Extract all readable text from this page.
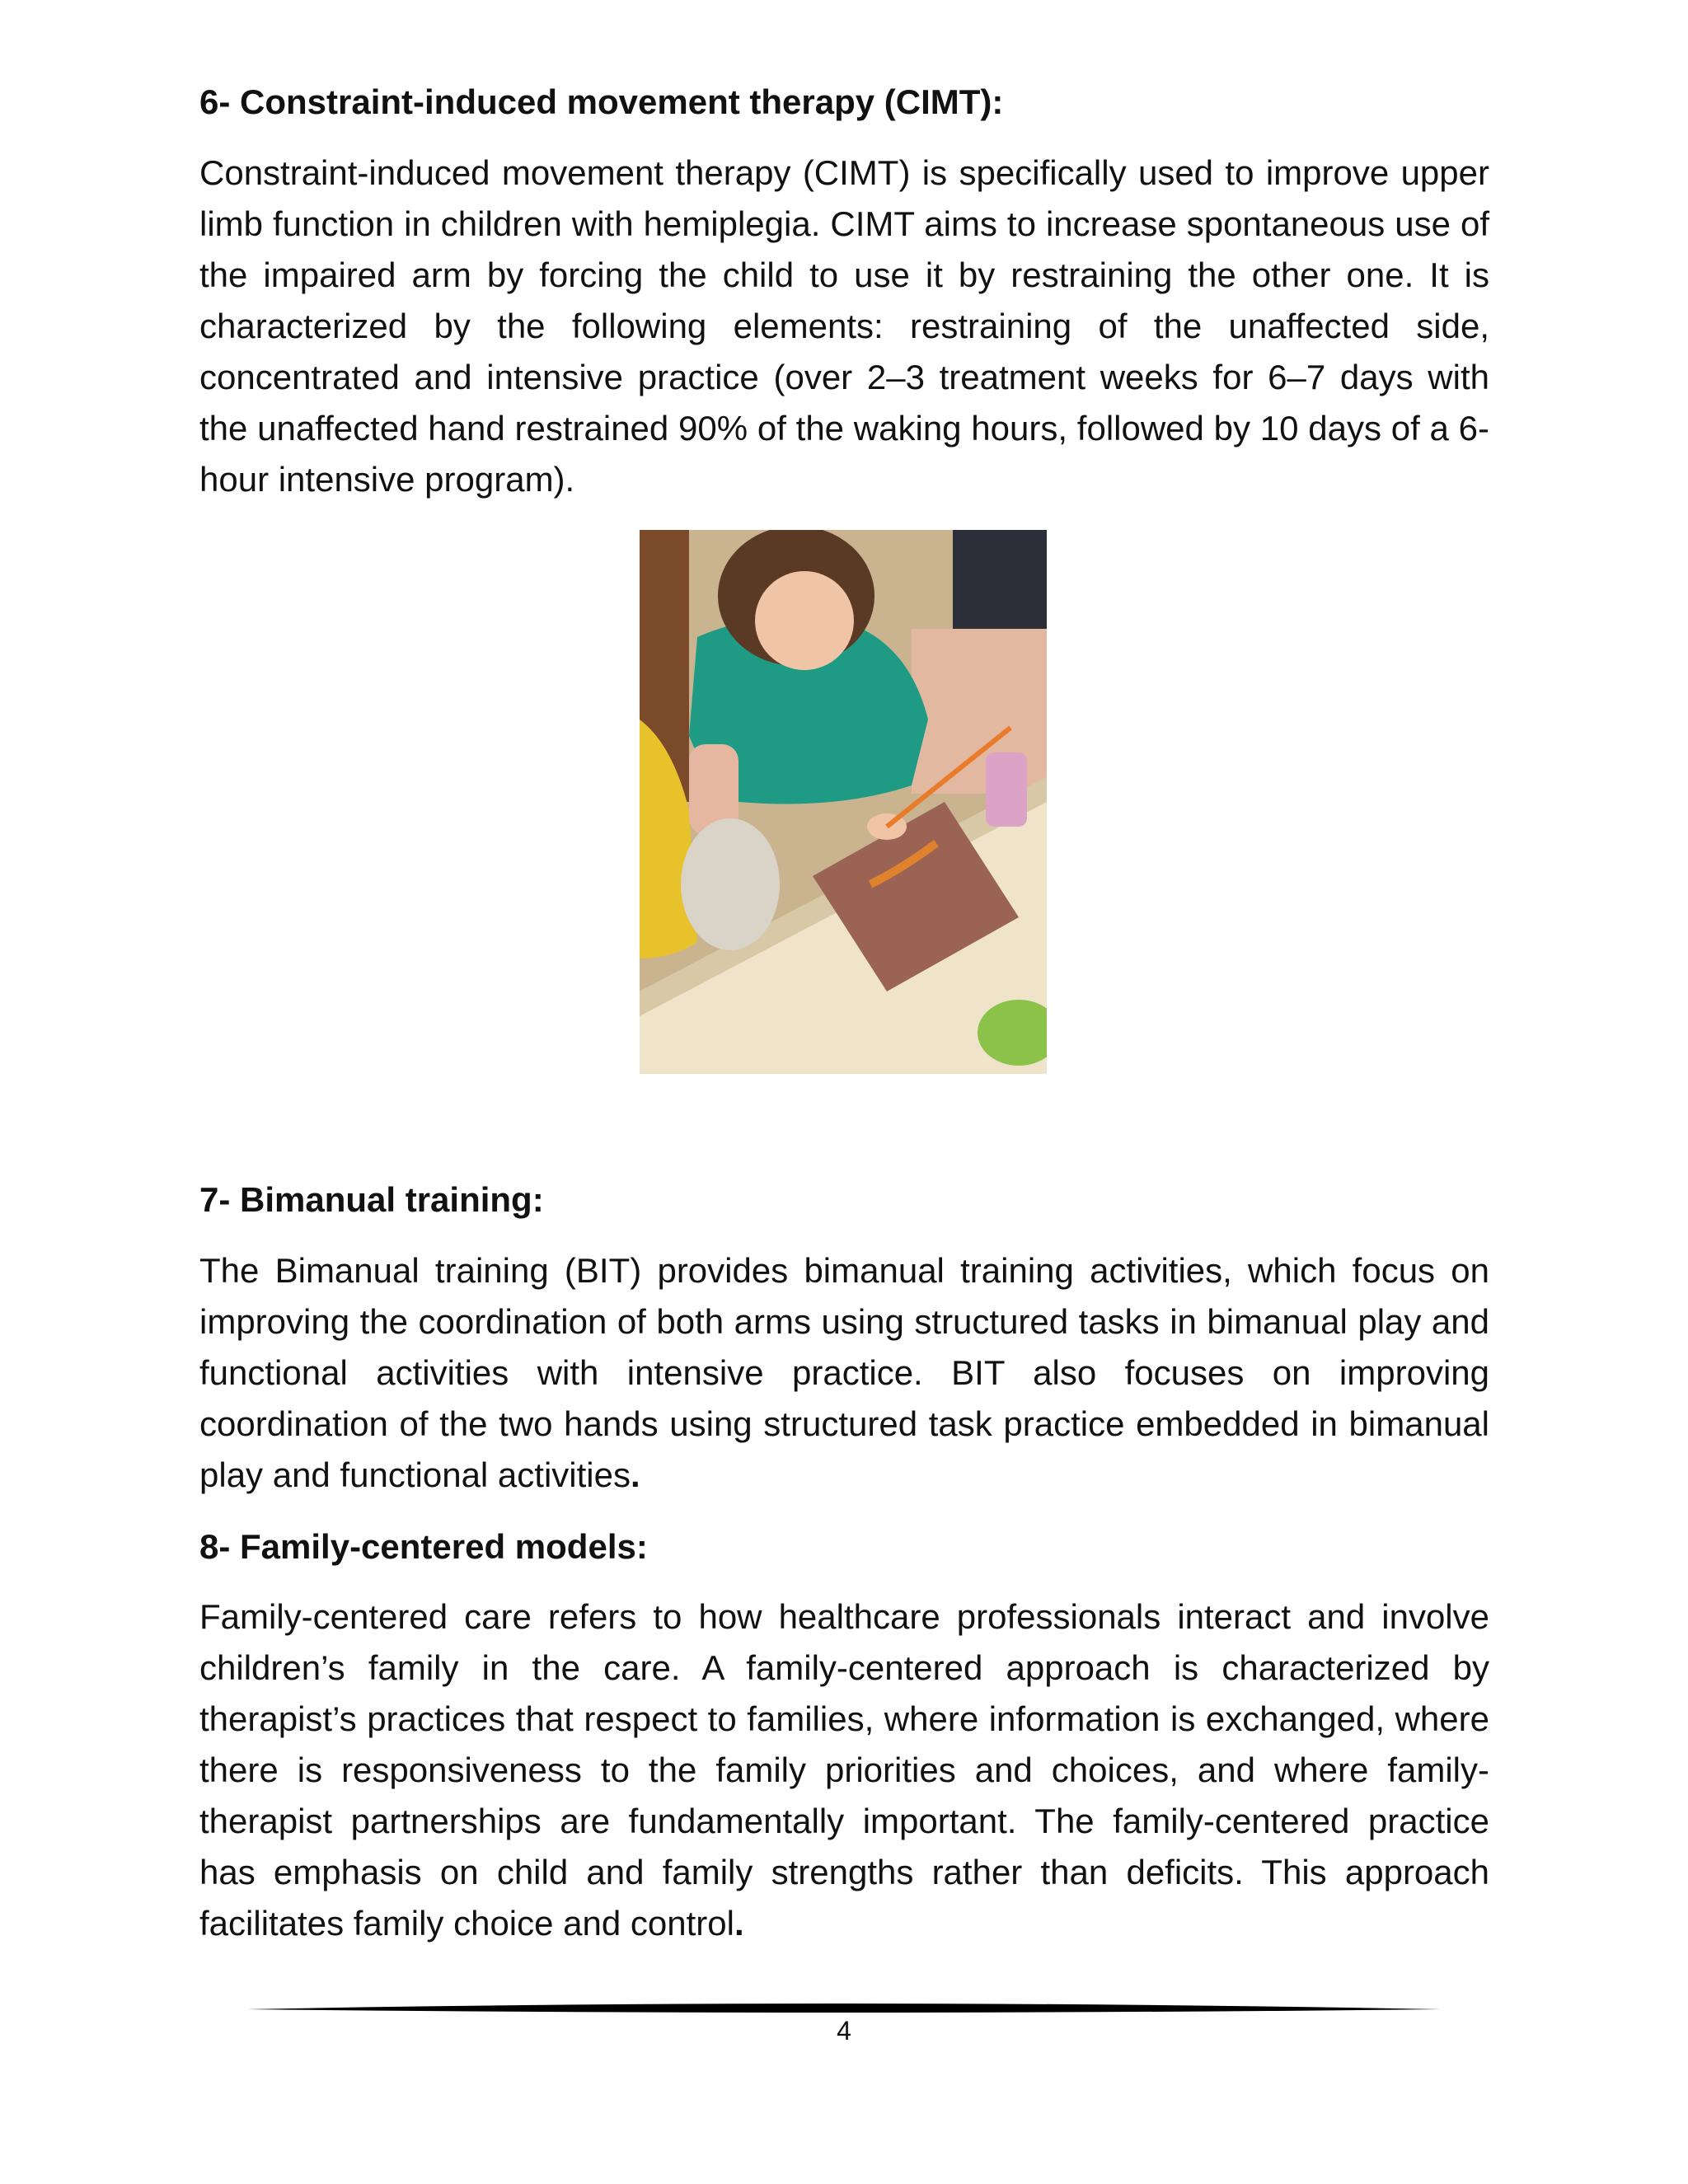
6- Constraint-induced movement therapy (CIMT):

Constraint-induced movement therapy (CIMT) is specifically used to improve upper limb function in children with hemiplegia. CIMT aims to increase spontaneous use of the impaired arm by forcing the child to use it by restraining the other one. It is characterized by the following elements: restraining of the unaffected side, concentrated and intensive practice (over 2–3 treatment weeks for 6–7 days with the unaffected hand restrained 90% of the waking hours, followed by 10 days of a 6-hour intensive program).

7- Bimanual training:

The Bimanual training (BIT) provides bimanual training activities, which focus on improving the coordination of both arms using structured tasks in bimanual play and functional activities with intensive practice. BIT also focuses on improving coordination of the two hands using structured task practice embedded in bimanual play and functional activities.

8- Family-centered models:

Family-centered care refers to how healthcare professionals interact and involve children’s family in the care. A family-centered approach is characterized by therapist’s practices that respect to families, where information is exchanged, where there is responsiveness to the family priorities and choices, and where family-therapist partnerships are fundamentally important. The family-centered practice has emphasis on child and family strengths rather than deficits. This approach facilitates family choice and control.

4
